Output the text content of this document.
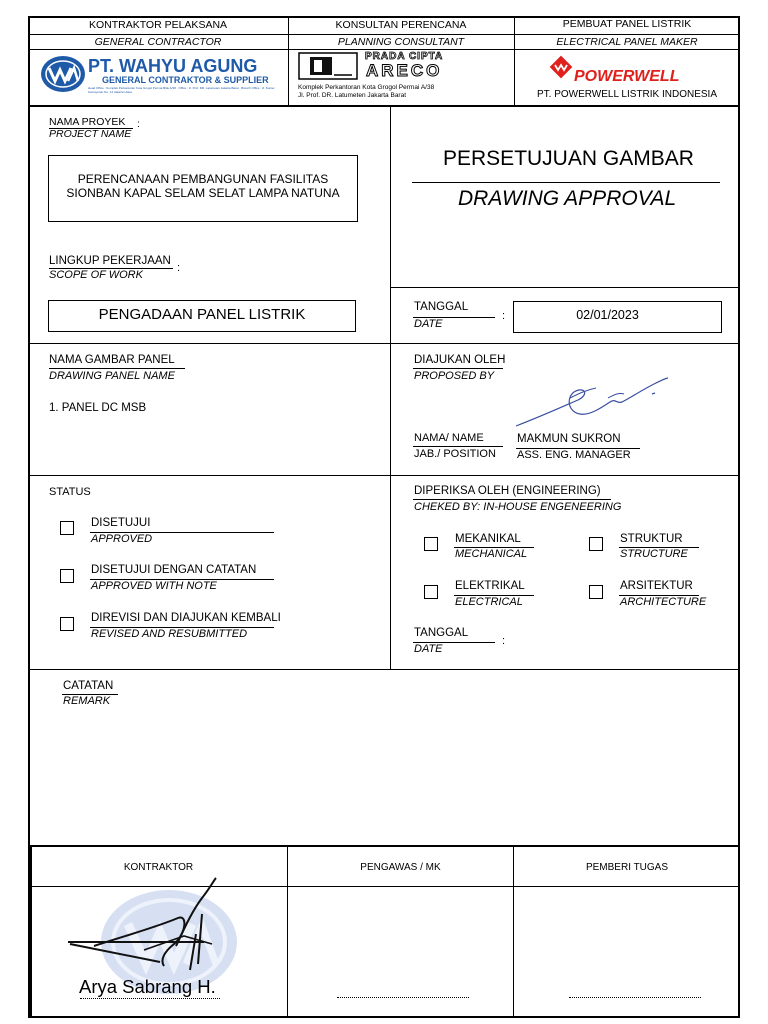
KONTRAKTOR PELAKSANA
GENERAL CONTRACTOR
KONSULTAN PERENCANA
PLANNING CONSULTANT
PEMBUAT PANEL LISTRIK
ELECTRICAL PANEL MAKER
PT. WAHYU AGUNG
GENERAL CONTRAKTOR & SUPPLIER
Head Office : Komplek Perkantoran Kota Grogol Permai Blok A/38 · Office : Jl. Prof. DR. Latumeten Jakarta Barat · Branch Office : Jl. Sunter Kemayoran No. 14 Jakarta Utara
PRADA CIPTA
ARECO
Komplek Perkantoran Kota Grogol Permai A/38
Jl. Prof. DR. Latumeten Jakarta Barat
POWERWELL
PT. POWERWELL LISTRIK INDONESIA
NAMA PROYEK :
PROJECT NAME
PERENCANAAN PEMBANGUNAN FASILITAS
SIONBAN KAPAL SELAM SELAT LAMPA NATUNA
LINGKUP PEKERJAAN
:
SCOPE OF WORK
PENGADAAN PANEL LISTRIK
PERSETUJUAN GAMBAR
DRAWING APPROVAL
TANGGAL
:
DATE
02/01/2023
NAMA GAMBAR PANEL
DRAWING PANEL NAME
1. PANEL DC MSB
DIAJUKAN OLEH
PROPOSED BY
NAMA/ NAME
JAB./ POSITION
MAKMUN SUKRON
ASS. ENG. MANAGER
STATUS
DISETUJUI
APPROVED
DISETUJUI DENGAN CATATAN
APPROVED WITH NOTE
DIREVISI DAN DIAJUKAN KEMBALI
REVISED AND RESUBMITTED
DIPERIKSA OLEH (ENGINEERING)
CHEKED BY: IN-HOUSE ENGENEERING
MEKANIKAL
MECHANICAL
STRUKTUR
STRUCTURE
ELEKTRIKAL
ELECTRICAL
ARSITEKTUR
ARCHITECTURE
TANGGAL
:
DATE
CATATAN
REMARK
KONTRAKTOR	PENGAWAS / MK	PEMBERI TUGAS
Arya Sabrang H.
